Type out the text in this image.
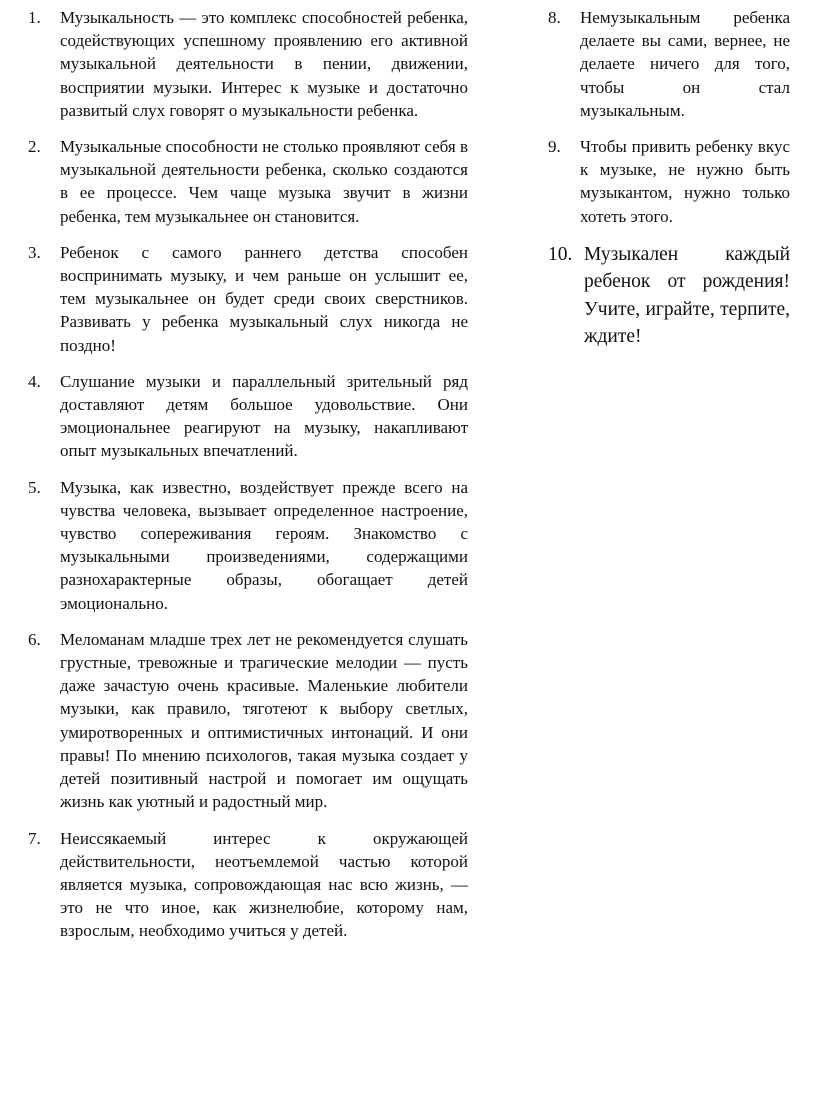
1.	Музыкальность — это комплекс способностей ребенка, содействующих успешному проявлению его активной музыкальной деятельности в пении, движении, восприятии музыки. Интерес к музыке и достаточно развитый слух говорят о музыкальности ребенка.
2.	Музыкальные способности не столько проявляют себя в музыкальной деятельности ребенка, сколько создаются в ее процессе. Чем чаще музыка звучит в жизни ребенка, тем музыкальнее он становится.
3.	Ребенок с самого раннего детства способен воспринимать музыку, и чем раньше он услышит ее, тем музыкальнее он будет среди своих сверстников. Развивать у ребенка музыкальный слух никогда не поздно!
4.	Слушание музыки и параллельный зрительный ряд доставляют детям большое удовольствие. Они эмоциональнее реагируют на музыку, накапливают опыт музыкальных впечатлений.
5.	Музыка, как известно, воздействует прежде всего на чувства человека, вызывает определенное настроение, чувство сопереживания героям. Знакомство с музыкальными произведениями, содержащими разнохарактерные образы, обогащает детей эмоционально.
6.	Меломанам младше трех лет не рекомендуется слушать грустные, тревожные и трагические мелодии — пусть даже зачастую очень красивые. Маленькие любители музыки, как правило, тяготеют к выбору светлых, умиротворенных и оптимистичных интонаций. И они правы! По мнению психологов, такая музыка создает у детей позитивный настрой и помогает им ощущать жизнь как уютный и радостный мир.
7.	Неиссякаемый интерес к окружающей действительности, неотъемлемой частью которой является музыка, сопровождающая нас всю жизнь, — это не что иное, как жизнелюбие, которому нам, взрослым, необходимо учиться у детей.
8.	Немузыкальным ребенка делаете вы сами, вернее, не делаете ничего для того, чтобы он стал музыкальным.
9.	Чтобы привить ребенку вкус к музыке, не нужно быть музыкантом, нужно только хотеть этого.
10. Музыкален каждый ребенок от рождения! Учите, играйте, терпите, ждите!
